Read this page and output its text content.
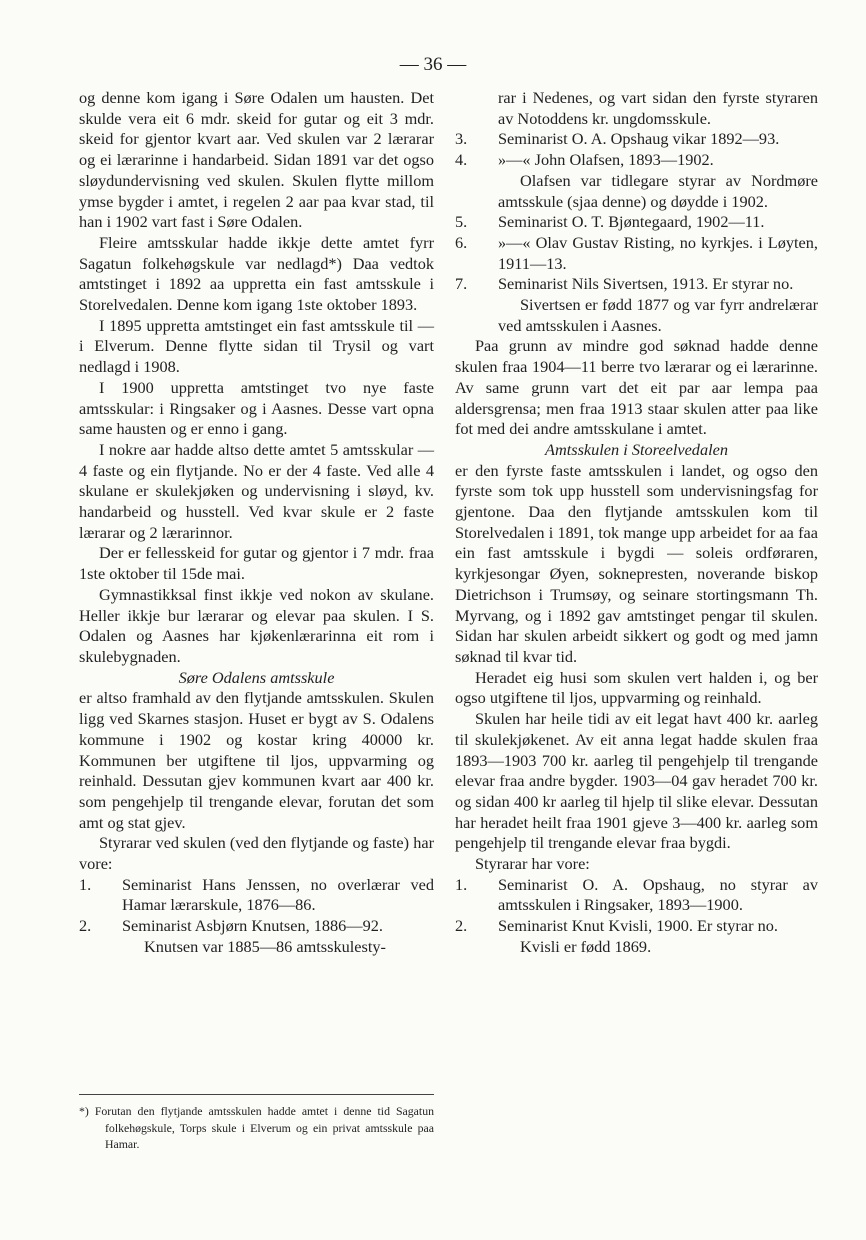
— 36 —

og denne kom igang i Søre Odalen um hausten. Det skulde vera eit 6 mdr. skeid for gutar og eit 3 mdr. skeid for gjentor kvart aar. Ved skulen var 2 lærarar og ei lærarinne i handarbeid. Sidan 1891 var det ogso sløydundervisning ved skulen. Skulen flytte millom ymse bygder i amtet, i regelen 2 aar paa kvar stad, til han i 1902 vart fast i Søre Odalen.

Fleire amtsskular hadde ikkje dette amtet fyrr Sagatun folkehøgskule var nedlagd*) Daa vedtok amtstinget i 1892 aa uppretta ein fast amtsskule i Storelvedalen. Denne kom igang 1ste oktober 1893.

I 1895 uppretta amtstinget ein fast amtsskule til — i Elverum. Denne flytte sidan til Trysil og vart nedlagd i 1908.

I 1900 uppretta amtstinget tvo nye faste amtsskular: i Ringsaker og i Aasnes. Desse vart opna same hausten og er enno i gang.

I nokre aar hadde altso dette amtet 5 amtsskular — 4 faste og ein flytjande. No er der 4 faste. Ved alle 4 skulane er skulekjøken og undervisning i sløyd, kv. handarbeid og husstell. Ved kvar skule er 2 faste lærarar og 2 lærarinnor.

Der er fellesskeid for gutar og gjentor i 7 mdr. fraa 1ste oktober til 15de mai.

Gymnastikksal finst ikkje ved nokon av skulane. Heller ikkje bur lærarar og elevar paa skulen. I S. Odalen og Aasnes har kjøkenlærarinna eit rom i skulebygnaden.

Søre Odalens amtsskule

er altso framhald av den flytjande amtsskulen. Skulen ligg ved Skarnes stasjon. Huset er bygt av S. Odalens kommune i 1902 og kostar kring 40000 kr. Kommunen ber utgiftene til ljos, uppvarming og reinhald. Dessutan gjev kommunen kvart aar 400 kr. som pengehjelp til trengande elevar, forutan det som amt og stat gjev.

Styrarar ved skulen (ved den flytjande og faste) har vore:

1. Seminarist Hans Jenssen, no overlærar ved Hamar lærarskule, 1876—86.

2. Seminarist Asbjørn Knutsen, 1886—92.

Knutsen var 1885—86 amtsskulesty-

rar i Nedenes, og vart sidan den fyrste styraren av Notoddens kr. ungdomsskule.

3. Seminarist O. A. Opshaug vikar 1892—93.

4. »—« John Olafsen, 1893—1902.

Olafsen var tidlegare styrar av Nordmøre amtsskule (sjaa denne) og døydde i 1902.

5. Seminarist O. T. Bjøntegaard, 1902—11.

6. »—« Olav Gustav Risting, no kyrkjes. i Løyten, 1911—13.

7. Seminarist Nils Sivertsen, 1913. Er styrar no.

Sivertsen er fødd 1877 og var fyrr andrelærar ved amtsskulen i Aasnes.

Paa grunn av mindre god søknad hadde denne skulen fraa 1904—11 berre tvo lærarar og ei lærarinne. Av same grunn vart det eit par aar lempa paa aldersgrensa; men fraa 1913 staar skulen atter paa like fot med dei andre amtsskulane i amtet.

Amtsskulen i Storeelvedalen

er den fyrste faste amtsskulen i landet, og ogso den fyrste som tok upp husstell som undervisningsfag for gjentone. Daa den flytjande amtsskulen kom til Storelvedalen i 1891, tok mange upp arbeidet for aa faa ein fast amtsskule i bygdi — soleis ordføraren, kyrkjesongar Øyen, soknepresten, noverande biskop Dietrichson i Trumsøy, og seinare stortingsmann Th. Myrvang, og i 1892 gav amtstinget pengar til skulen. Sidan har skulen arbeidt sikkert og godt og med jamn søknad til kvar tid.

Heradet eig husi som skulen vert halden i, og ber ogso utgiftene til ljos, uppvarming og reinhald.

Skulen har heile tidi av eit legat havt 400 kr. aarleg til skulekjøkenet. Av eit anna legat hadde skulen fraa 1893—1903 700 kr. aarleg til pengehjelp til trengande elevar fraa andre bygder. 1903—04 gav heradet 700 kr. og sidan 400 kr aarleg til hjelp til slike elevar. Dessutan har heradet heilt fraa 1901 gjeve 3—400 kr. aarleg som pengehjelp til trengande elevar fraa bygdi.

Styrarar har vore:

1. Seminarist O. A. Opshaug, no styrar av amtsskulen i Ringsaker, 1893—1900.

2. Seminarist Knut Kvisli, 1900. Er styrar no.

Kvisli er fødd 1869.

*) Forutan den flytjande amtsskulen hadde amtet i denne tid Sagatun folkehøgskule, Torps skule i Elverum og ein privat amtsskule paa Hamar.
